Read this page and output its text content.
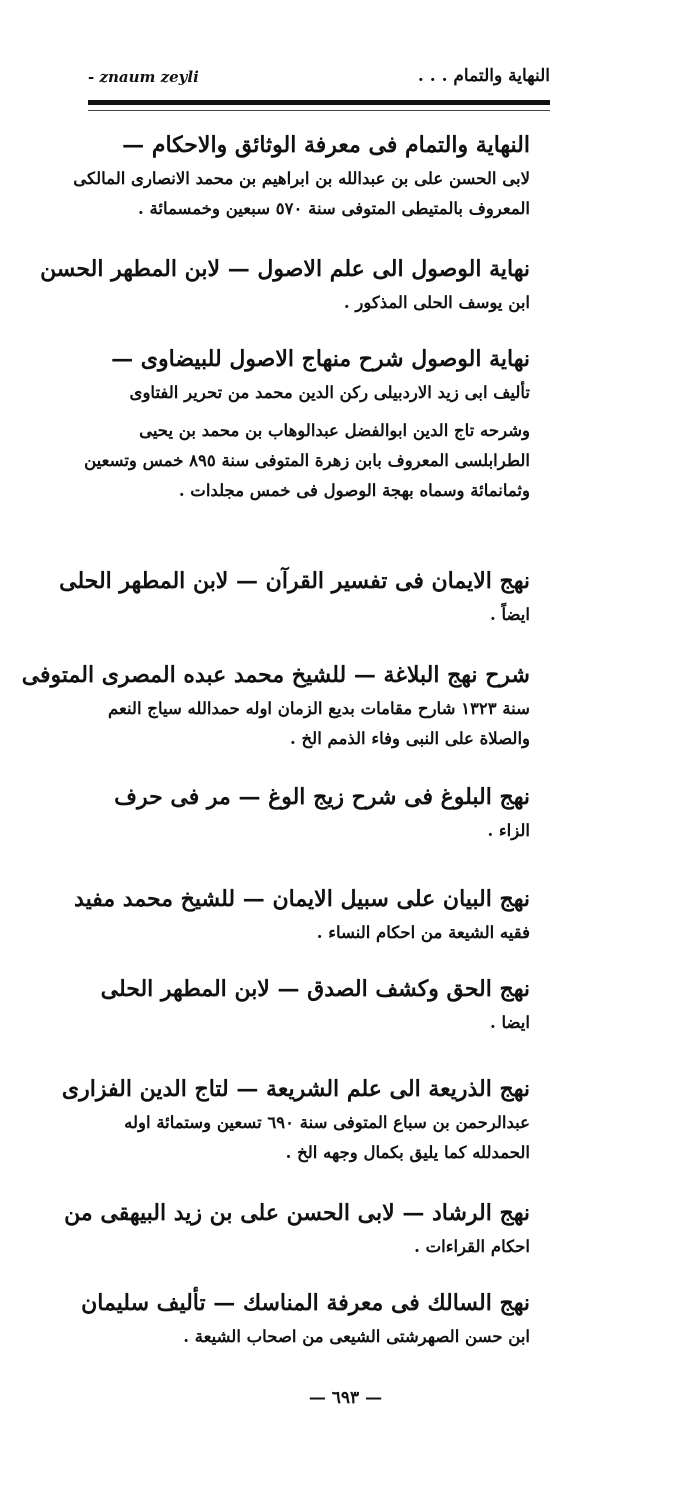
النهاية والتمام . . .
- znaum zeyli
النهاية والتمام فى معرفة الوثائق والاحكام —
لابى الحسن على بن عبدالله بن ابراهيم بن محمد الانصارى المالكى
المعروف بالمتيطى المتوفى سنة ٥٧٠ سبعين وخمسمائة .
نهاية الوصول الى علم الاصول — لابن المطهر الحسن
ابن يوسف الحلى المذكور .
نهاية الوصول شرح منهاج الاصول للبيضاوى —
تأليف ابى زيد الاردبيلى ركن الدين محمد من تحرير الفتاوى
وشرحه تاج الدين ابوالفضل عبدالوهاب بن محمد بن يحيى
الطرابلسى المعروف بابن زهرة المتوفى سنة ٨٩٥ خمس وتسعين
وثمانمائة وسماه بهجة الوصول فى خمس مجلدات .
نهج الايمان فى تفسير القرآن — لابن المطهر الحلى
ايضاً .
شرح نهج البلاغة — للشيخ محمد عبده المصرى المتوفى
سنة ١٣٢٣ شارح مقامات بديع الزمان اوله حمدالله سياج النعم
والصلاة على النبى وفاء الذمم الخ .
نهج البلوغ فى شرح زيج الوغ — مر فى حرف
الزاء .
نهج البيان على سبيل الايمان — للشيخ محمد مفيد
فقيه الشيعة من احكام النساء .
نهج الحق وكشف الصدق — لابن المطهر الحلى
ايضا .
نهج الذريعة الى علم الشريعة — لتاج الدين الفزارى
عبدالرحمن بن سباع المتوفى سنة ٦٩٠ تسعين وستمائة اوله
الحمدلله كما يليق بكمال وجهه الخ .
نهج الرشاد — لابى الحسن على بن زيد البيهقى من
احكام القراءات .
نهج السالك فى معرفة المناسك — تأليف سليمان
ابن حسن الصهرشتى الشيعى من اصحاب الشيعة .
— ٦٩٣ —
